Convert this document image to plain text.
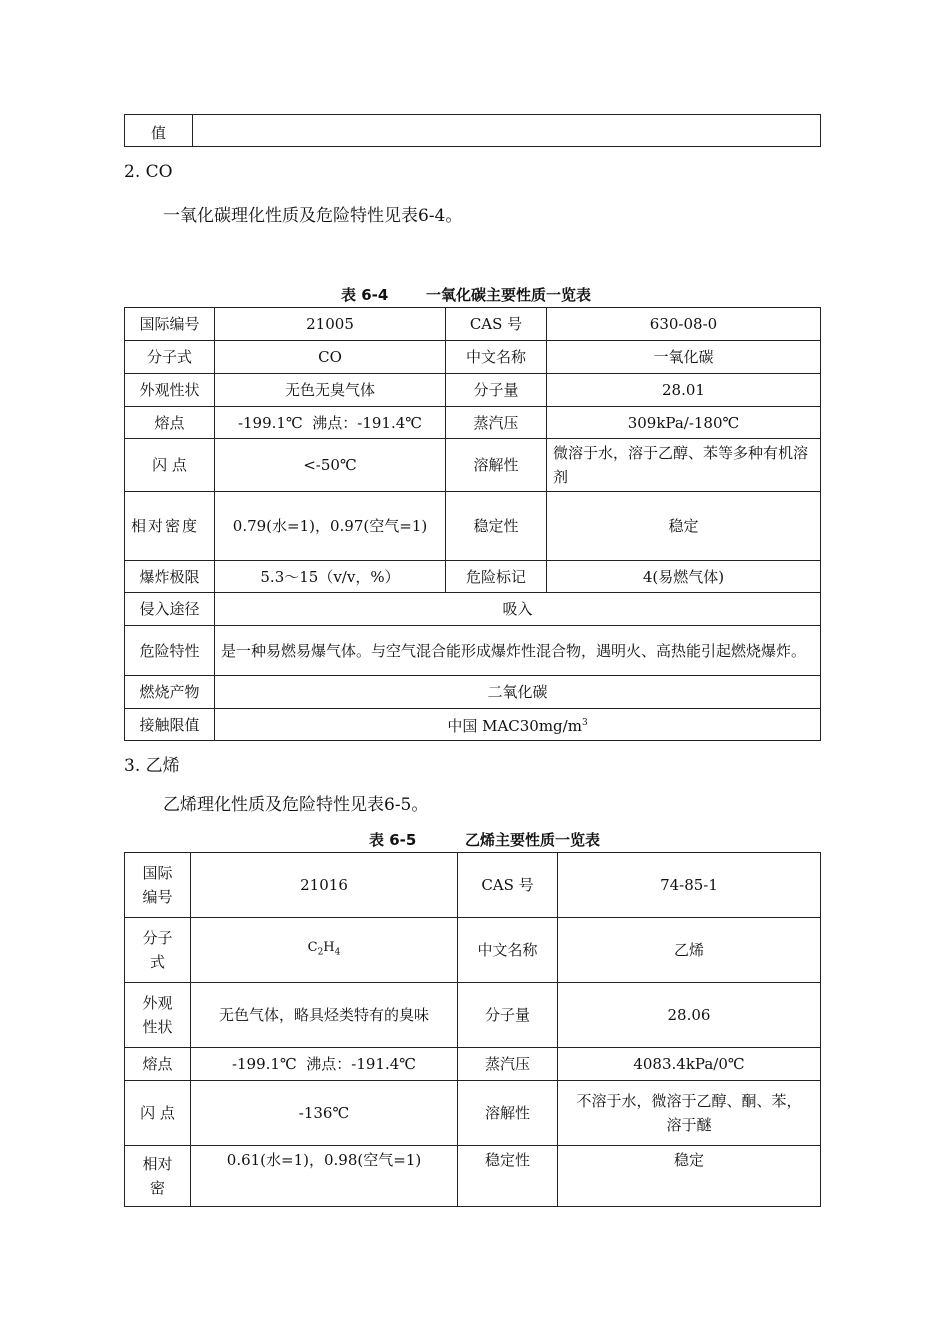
值	
2. CO
一氧化碳理化性质及危险特性见表6-4。
表 6-4	一氧化碳主要性质一览表
国际编号	21005	CAS 号	630-08-0
分子式	CO	中文名称	一氧化碳
外观性状	无色无臭气体	分子量	28.01
熔点	-199.1℃  沸点：-191.4℃	蒸汽压	309kPa/-180℃
闪 点	<-50℃	溶解性	微溶于水，溶于乙醇、苯等多种有机溶剂
相对密度	0.79(水=1)，0.97(空气=1)	稳定性	稳定
爆炸极限	5.3～15（v/v，%）	危险标记	4(易燃气体)
侵入途径	吸入		
危险特性	是一种易燃易爆气体。与空气混合能形成爆炸性混合物，遇明火、高热能引起燃烧爆炸。		
燃烧产物	二氧化碳		
接触限值	中国 $MAC30mg/m^3$
3. 乙烯
乙烯理化性质及危险特性见表6-5。
表 6-5	乙烯主要性质一览表
国际编号	21016	CAS 号	74-85-1
分子式	$C_2H_4$	中文名称	乙烯
外观性状	无色气体，略具烃类特有的臭味	分子量	28.06
熔点	-199.1℃  沸点：-191.4℃	蒸汽压	4083.4kPa/0℃
闪 点	-136℃	溶解性	不溶于水，微溶于乙醇、酮、苯，溶于醚
相对密	0.61(水=1)，0.98(空气=1)	稳定性	稳定
